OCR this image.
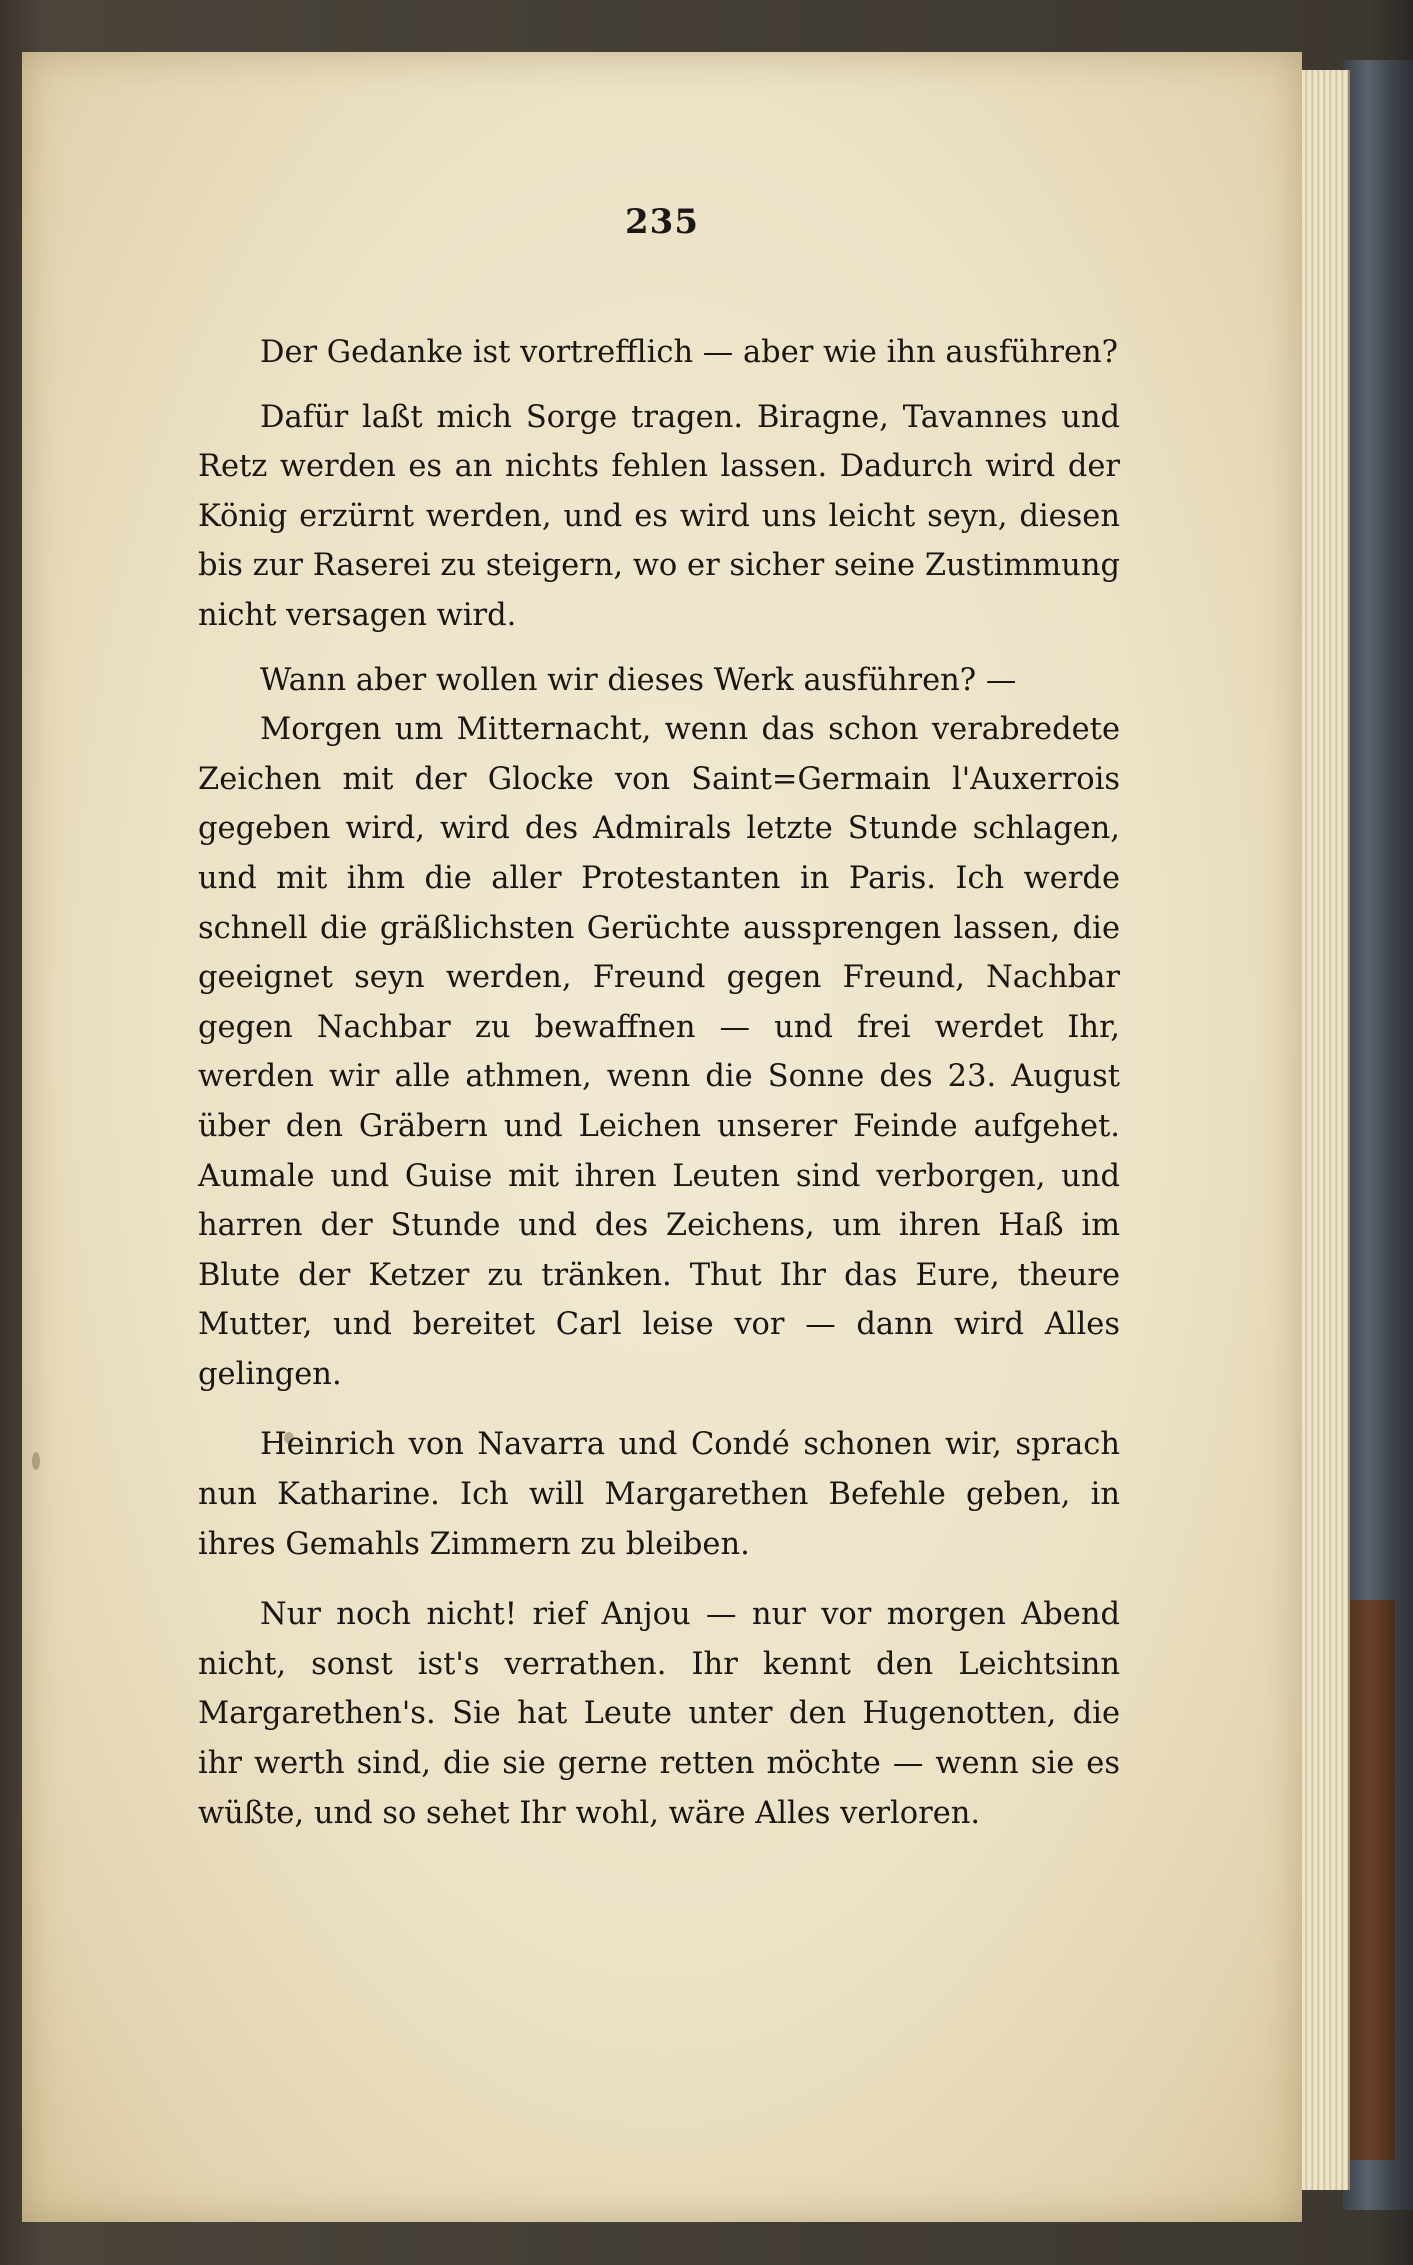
235

Der Gedanke ist vortrefflich — aber wie ihn ausführen?

Dafür laßt mich Sorge tragen. Biragne, Tavannes und Retz werden es an nichts fehlen lassen. Dadurch wird der König erzürnt werden, und es wird uns leicht seyn, diesen bis zur Raserei zu steigern, wo er sicher seine Zustimmung nicht versagen wird.

Wann aber wollen wir dieses Werk ausführen? —

Morgen um Mitternacht, wenn das schon verabredete Zeichen mit der Glocke von Saint=Germain l'Auxerrois gegeben wird, wird des Admirals letzte Stunde schlagen, und mit ihm die aller Protestanten in Paris. Ich werde schnell die gräßlichsten Gerüchte aussprengen lassen, die geeignet seyn werden, Freund gegen Freund, Nachbar gegen Nachbar zu bewaffnen — und frei werdet Ihr, werden wir alle athmen, wenn die Sonne des 23. August über den Gräbern und Leichen unserer Feinde aufgehet. Aumale und Guise mit ihren Leuten sind verborgen, und harren der Stunde und des Zeichens, um ihren Haß im Blute der Ketzer zu tränken. Thut Ihr das Eure, theure Mutter, und bereitet Carl leise vor — dann wird Alles gelingen.

Heinrich von Navarra und Condé schonen wir, sprach nun Katharine. Ich will Margarethen Befehle geben, in ihres Gemahls Zimmern zu bleiben.

Nur noch nicht! rief Anjou — nur vor morgen Abend nicht, sonst ist's verrathen. Ihr kennt den Leichtsinn Margarethen's. Sie hat Leute unter den Hugenotten, die ihr werth sind, die sie gerne retten möchte — wenn sie es wüßte, und so sehet Ihr wohl, wäre Alles verloren.
